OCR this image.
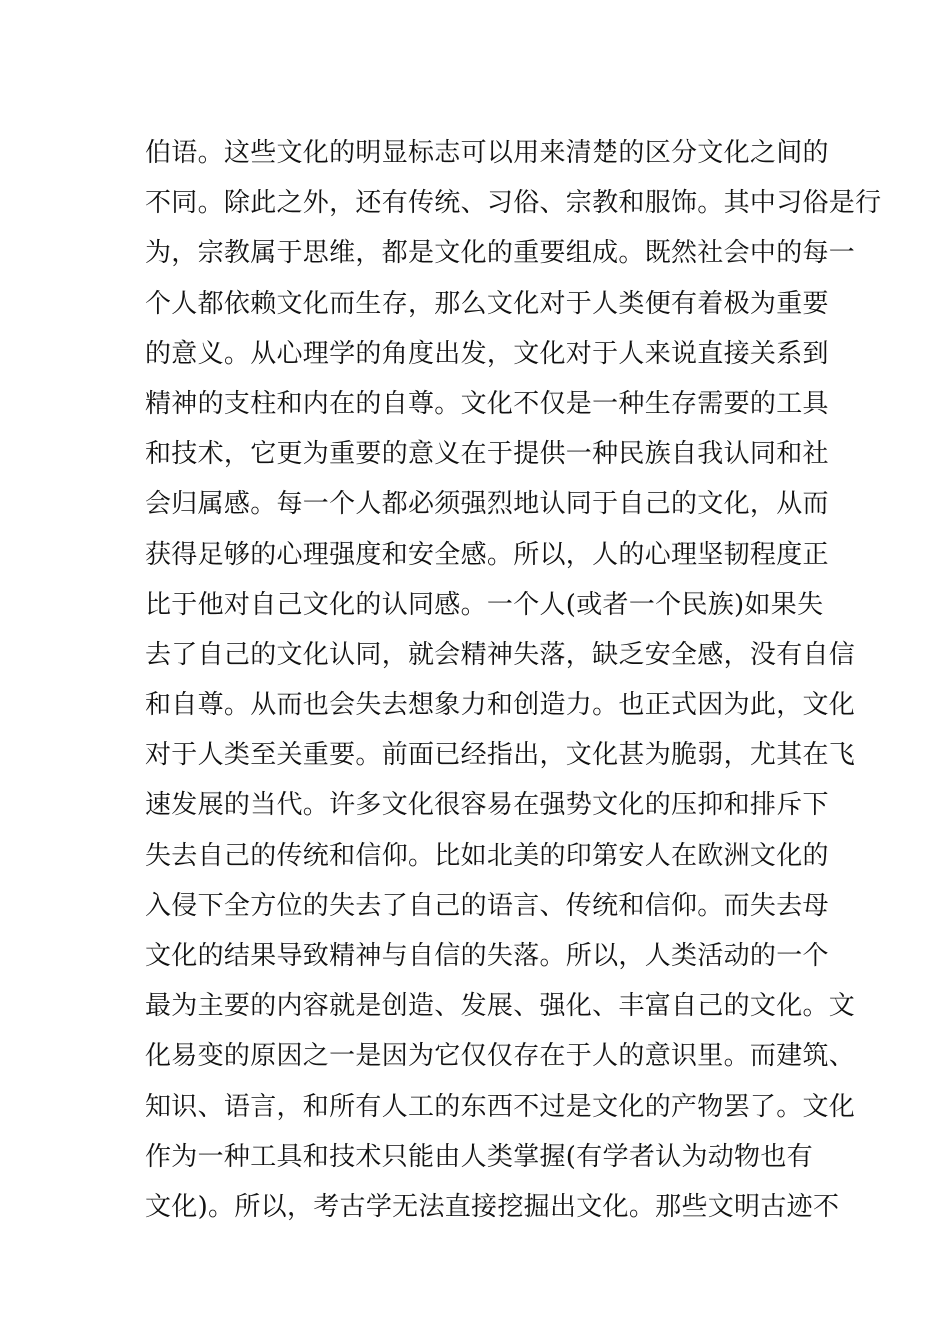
伯语。这些文化的明显标志可以用来清楚的区分文化之间的
不同。除此之外，还有传统、习俗、宗教和服饰。其中习俗是行
为，宗教属于思维，都是文化的重要组成。既然社会中的每一
个人都依赖文化而生存，那么文化对于人类便有着极为重要
的意义。从心理学的角度出发，文化对于人来说直接关系到
精神的支柱和内在的自尊。文化不仅是一种生存需要的工具
和技术，它更为重要的意义在于提供一种民族自我认同和社
会归属感。每一个人都必须强烈地认同于自己的文化，从而
获得足够的心理强度和安全感。所以，人的心理坚韧程度正
比于他对自己文化的认同感。一个人(或者一个民族)如果失
去了自己的文化认同，就会精神失落，缺乏安全感，没有自信
和自尊。从而也会失去想象力和创造力。也正式因为此，文化
对于人类至关重要。前面已经指出，文化甚为脆弱，尤其在飞
速发展的当代。许多文化很容易在强势文化的压抑和排斥下
失去自己的传统和信仰。比如北美的印第安人在欧洲文化的
入侵下全方位的失去了自己的语言、传统和信仰。而失去母
文化的结果导致精神与自信的失落。所以，人类活动的一个
最为主要的内容就是创造、发展、强化、丰富自己的文化。文
化易变的原因之一是因为它仅仅存在于人的意识里。而建筑、
知识、语言，和所有人工的东西不过是文化的产物罢了。文化
作为一种工具和技术只能由人类掌握(有学者认为动物也有
文化)。所以，考古学无法直接挖掘出文化。那些文明古迹不
